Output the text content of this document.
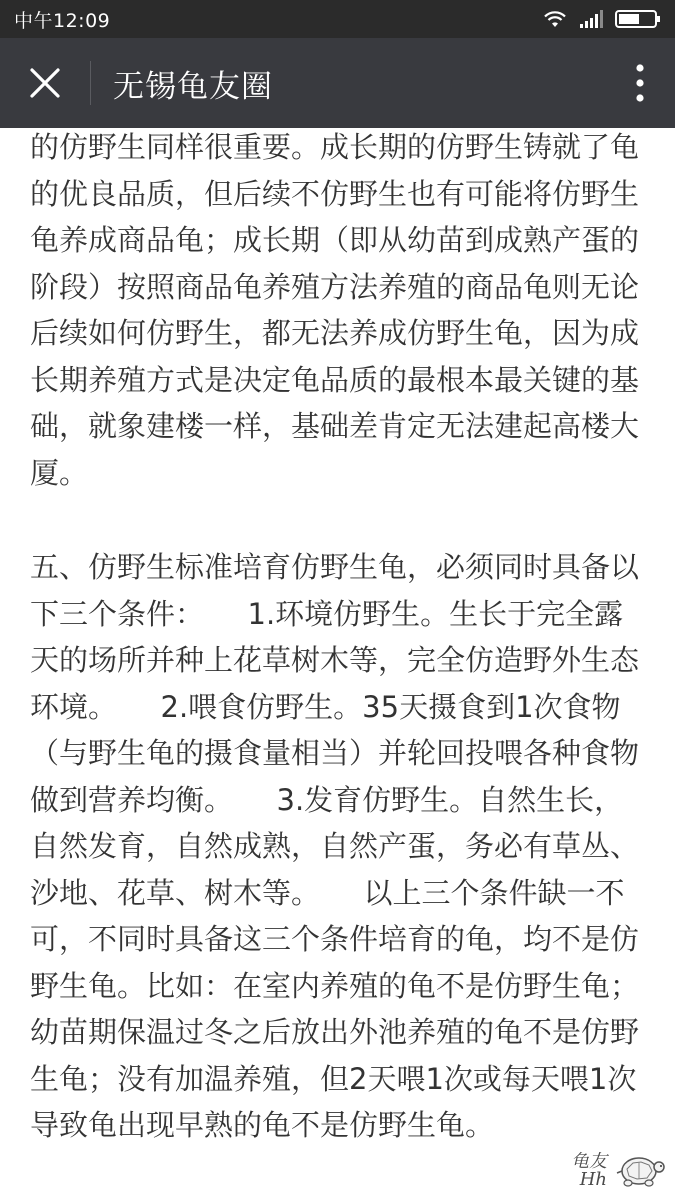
中午12:09
无锡龟友圈

的仿野生同样很重要。成长期的仿野生铸就了龟的优良品质，但后续不仿野生也有可能将仿野生龟养成商品龟；成长期（即从幼苗到成熟产蛋的阶段）按照商品龟养殖方法养殖的商品龟则无论后续如何仿野生，都无法养成仿野生龟，因为成长期养殖方式是决定龟品质的最根本最关键的基础，就象建楼一样，基础差肯定无法建起高楼大厦。

五、仿野生标准培育仿野生龟，必须同时具备以下三个条件：　　1.环境仿野生。生长于完全露天的场所并种上花草树木等，完全仿造野外生态环境。　　2.喂食仿野生。35天摄食到1次食物（与野生龟的摄食量相当）并轮回投喂各种食物做到营养均衡。　　3.发育仿野生。自然生长，自然发育，自然成熟，自然产蛋，务必有草丛、沙地、花草、树木等。　　以上三个条件缺一不可，不同时具备这三个条件培育的龟，均不是仿野生龟。比如：在室内养殖的龟不是仿野生龟；幼苗期保温过冬之后放出外池养殖的龟不是仿野生龟；没有加温养殖，但2天喂1次或每天喂1次导致龟出现早熟的龟不是仿野生龟。

龟友
Hh
